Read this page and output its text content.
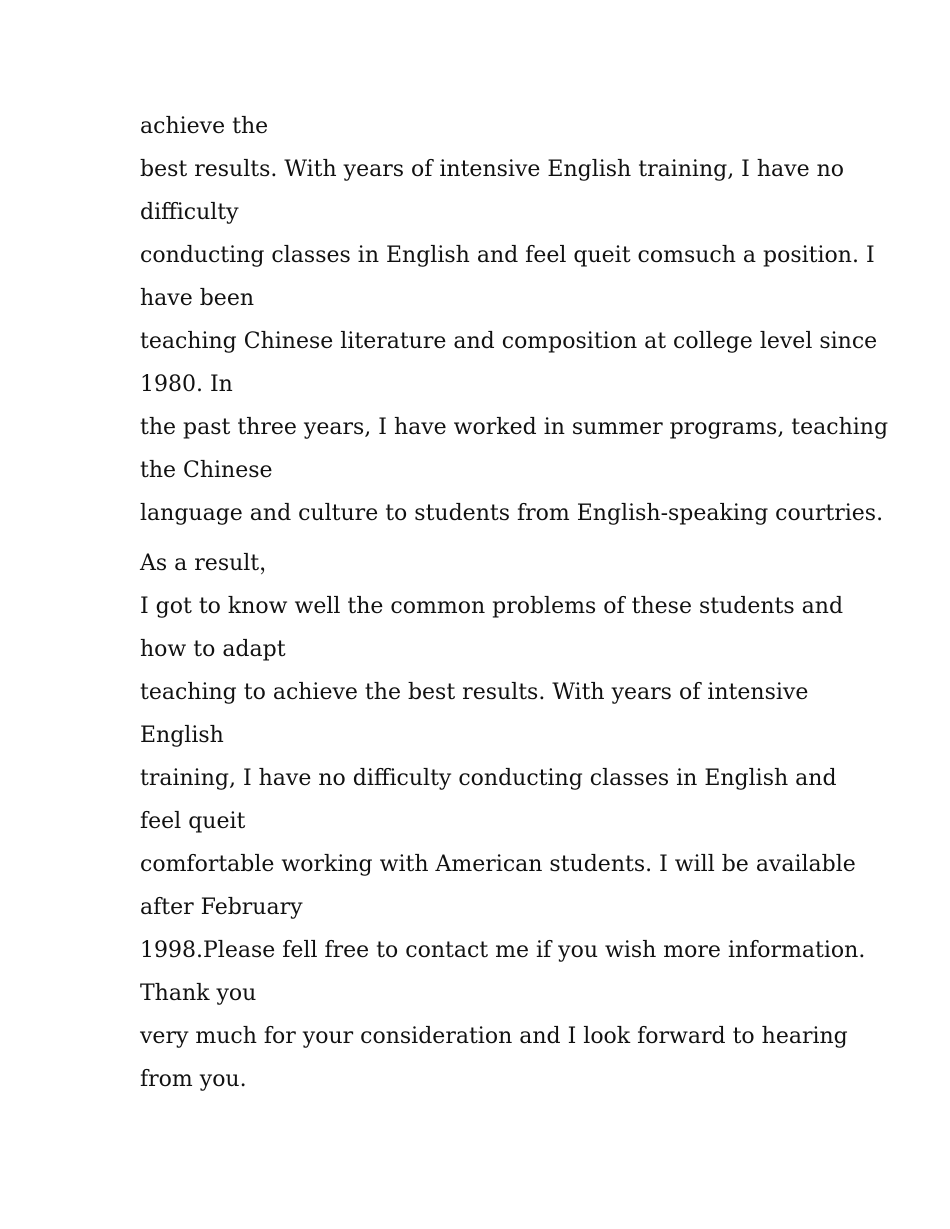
achieve the
best results. With years of intensive English training, I have no
difficulty
conducting classes in English and feel queit comsuch a position. I
have been
teaching Chinese literature and composition at college level since
1980. In
the past three years, I have worked in summer programs, teaching
the Chinese
language and culture to students from English-speaking courtries.
As a result，
I got to know well the common problems of these students and
how to adapt
teaching to achieve the best results. With years of intensive
English
training, I have no difficulty conducting classes in English and
feel queit
comfortable working with American students. I will be available
after February
1998.Please fell free to contact me if you wish more information.
Thank you
very much for your consideration and I look forward to hearing
from you.
